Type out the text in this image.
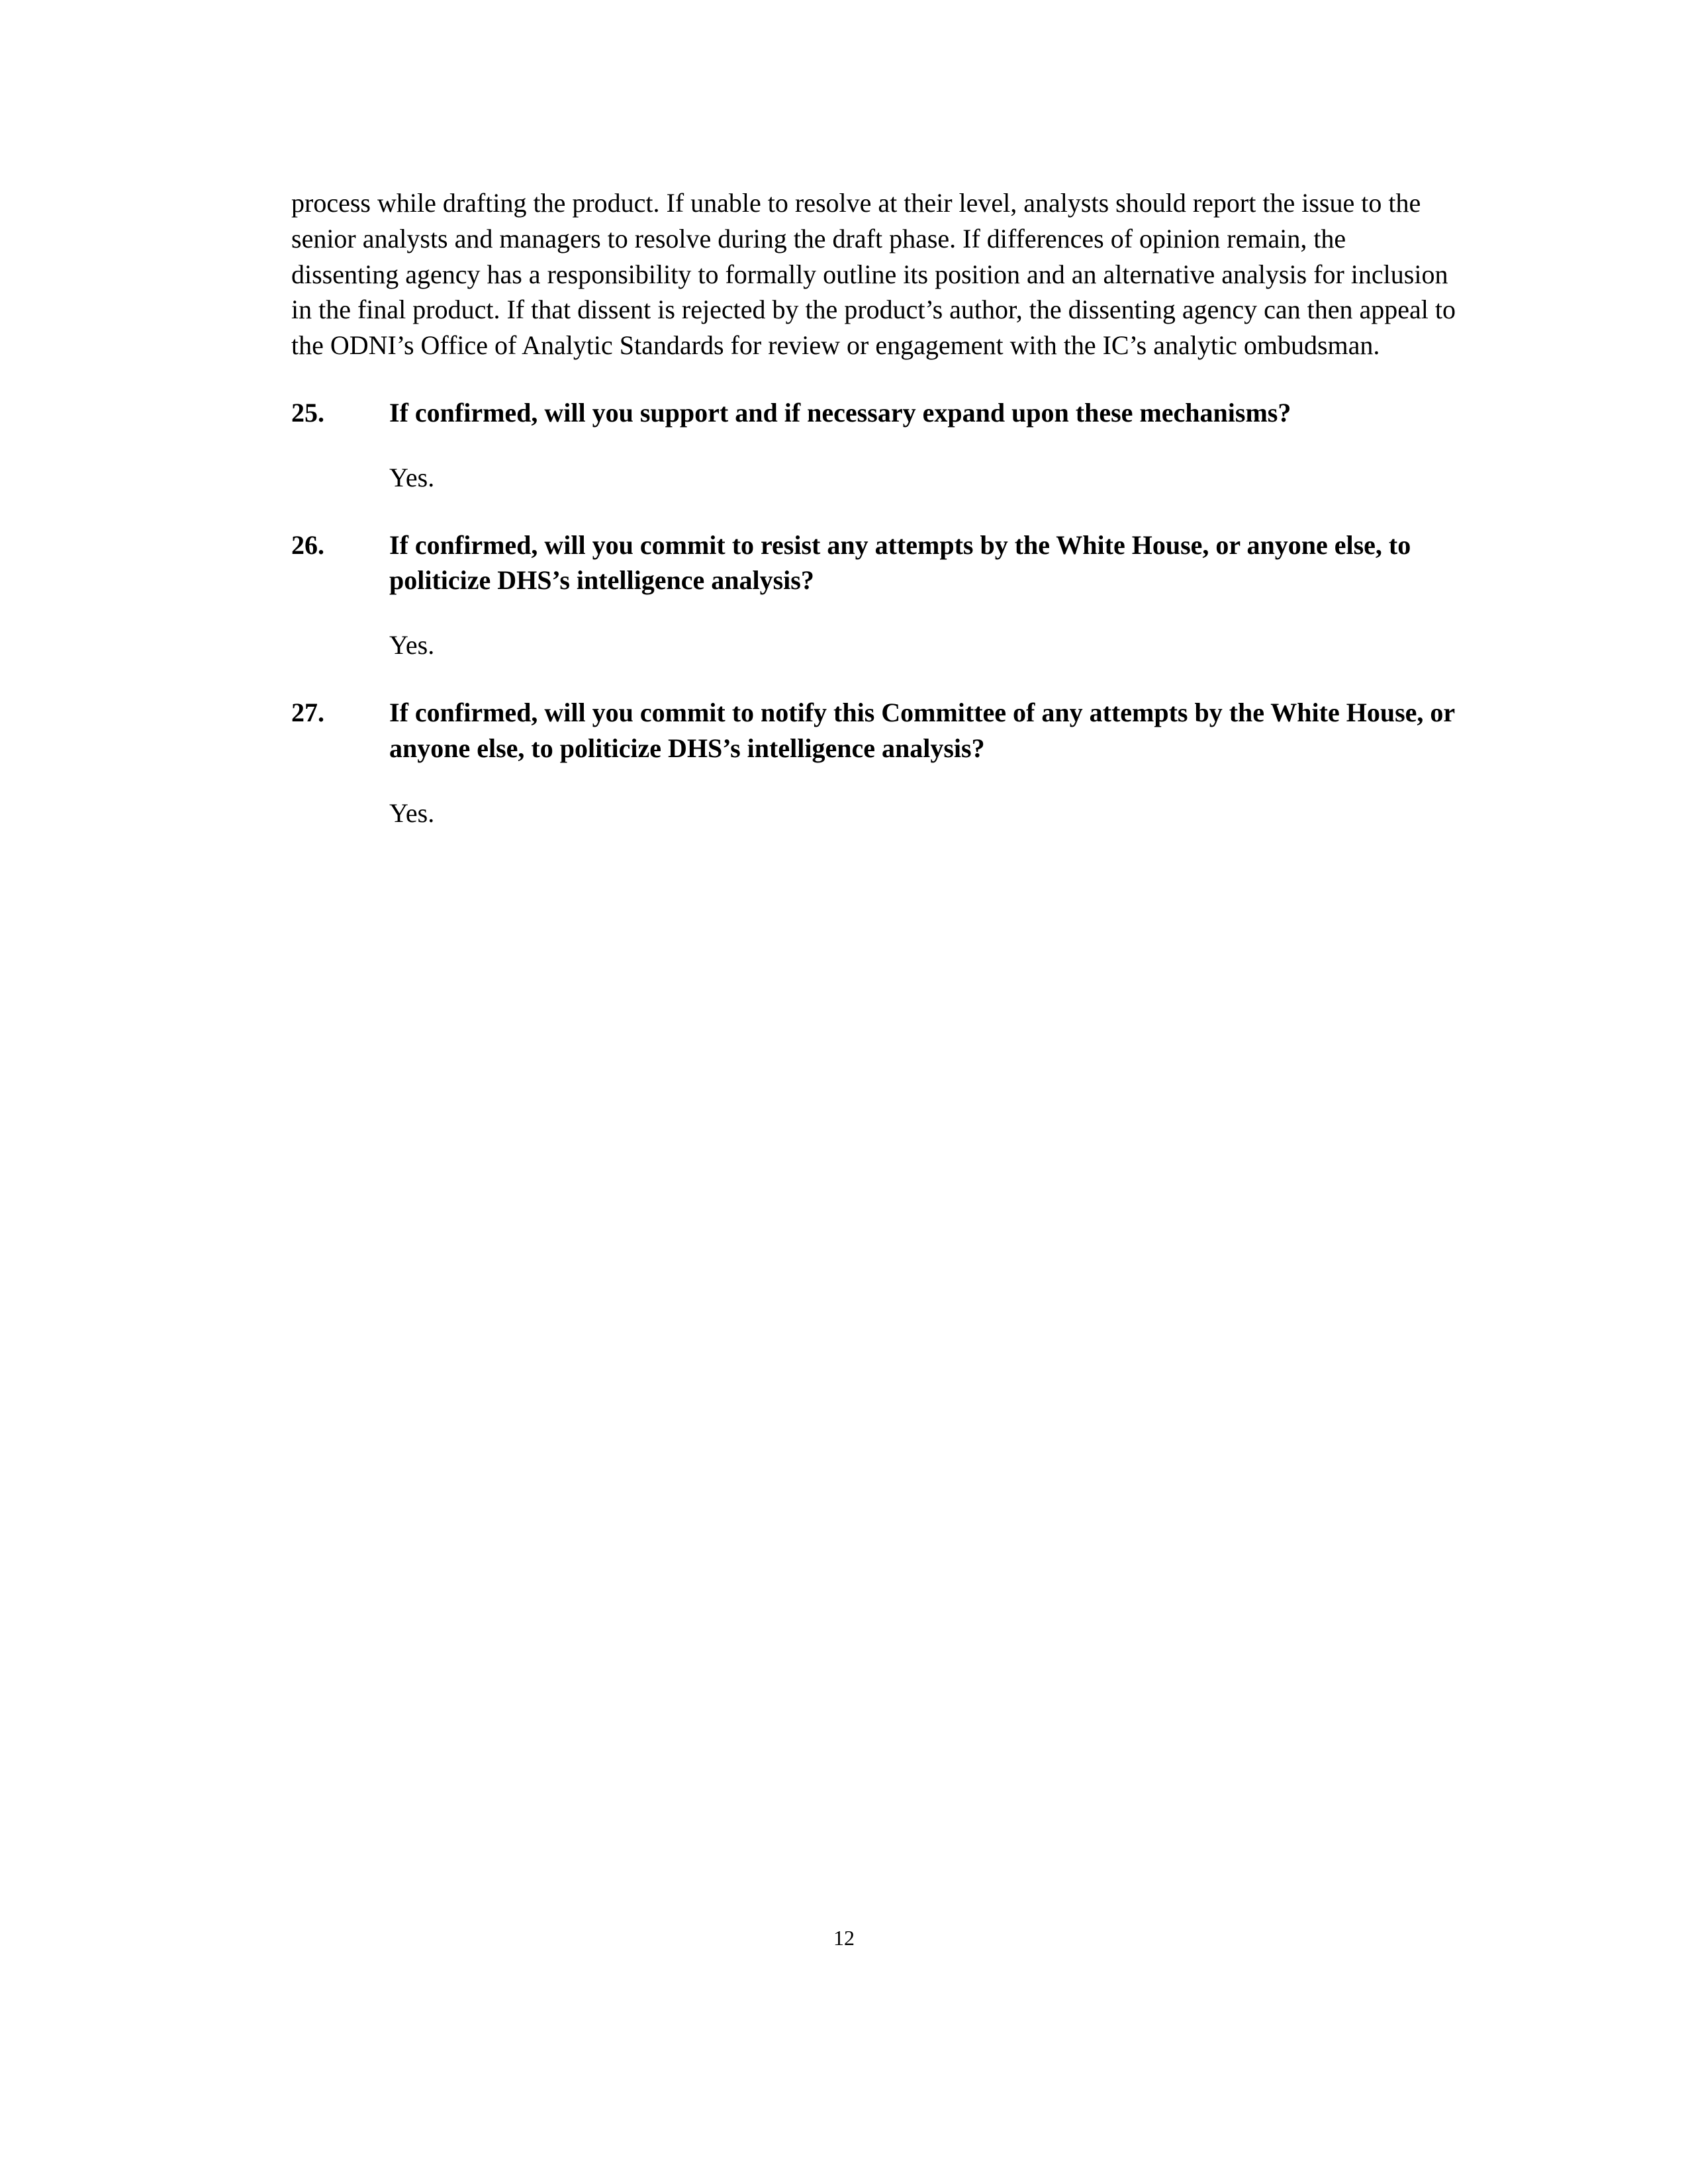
process while drafting the product. If unable to resolve at their level, analysts should report the issue to the senior analysts and managers to resolve during the draft phase. If differences of opinion remain, the dissenting agency has a responsibility to formally outline its position and an alternative analysis for inclusion in the final product. If that dissent is rejected by the product’s author, the dissenting agency can then appeal to the ODNI’s Office of Analytic Standards for review or engagement with the IC’s analytic ombudsman.

25.	If confirmed, will you support and if necessary expand upon these mechanisms?
Yes.
26.	If confirmed, will you commit to resist any attempts by the White House, or anyone else, to politicize DHS’s intelligence analysis?
Yes.
27.	If confirmed, will you commit to notify this Committee of any attempts by the White House, or anyone else, to politicize DHS’s intelligence analysis?
Yes.
12
